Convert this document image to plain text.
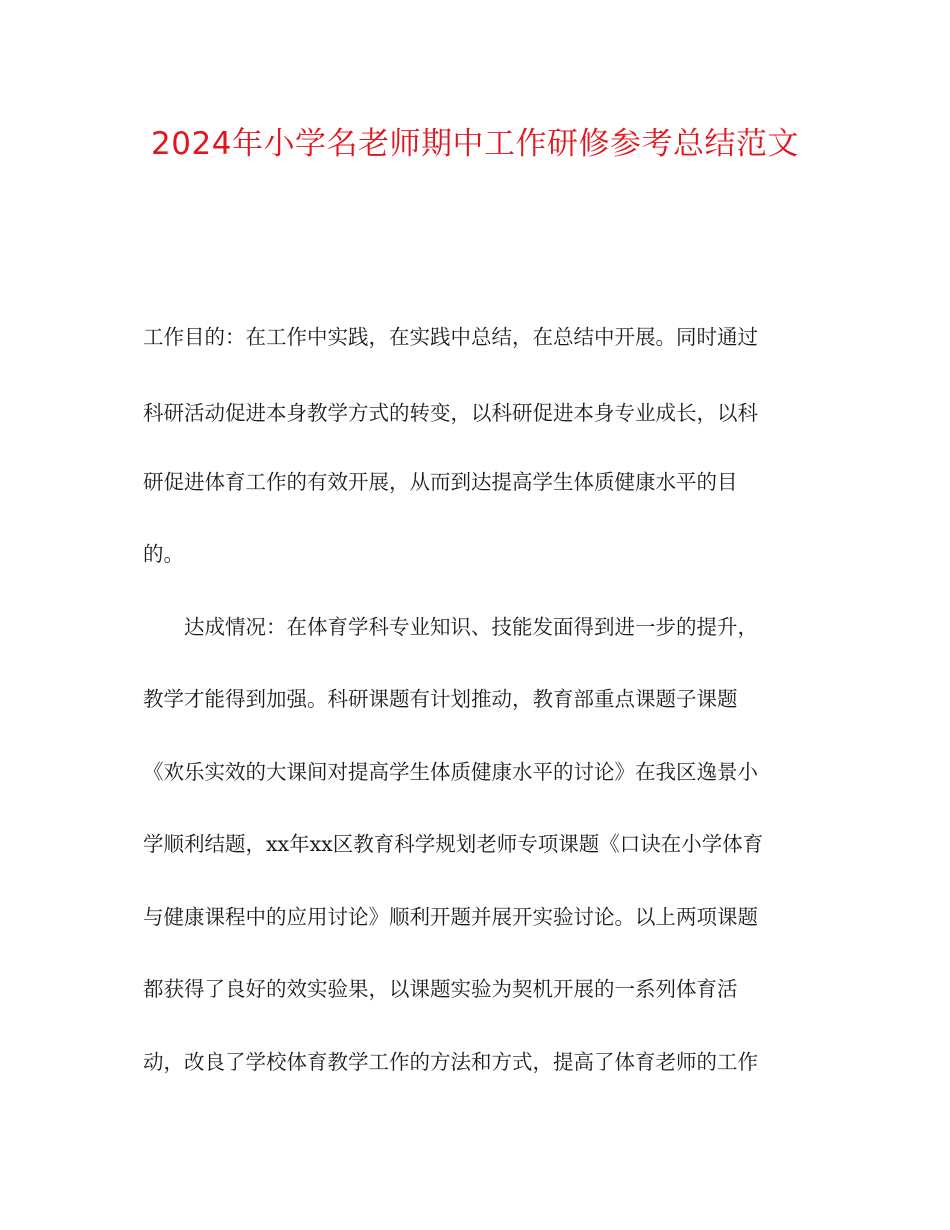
2024年小学名老师期中工作研修参考总结范文

工作目的：在工作中实践，在实践中总结，在总结中开展。同时通过

科研活动促进本身教学方式的转变，以科研促进本身专业成长，以科

研促进体育工作的有效开展，从而到达提高学生体质健康水平的目

的。

达成情况：在体育学科专业知识、技能发面得到进一步的提升，

教学才能得到加强。科研课题有计划推动，教育部重点课题子课题

《欢乐实效的大课间对提高学生体质健康水平的讨论》在我区逸景小

学顺利结题，xx年xx区教育科学规划老师专项课题《口诀在小学体育

与健康课程中的应用讨论》顺利开题并展开实验讨论。以上两项课题

都获得了良好的效实验果，以课题实验为契机开展的一系列体育活

动，改良了学校体育教学工作的方法和方式，提高了体育老师的工作
